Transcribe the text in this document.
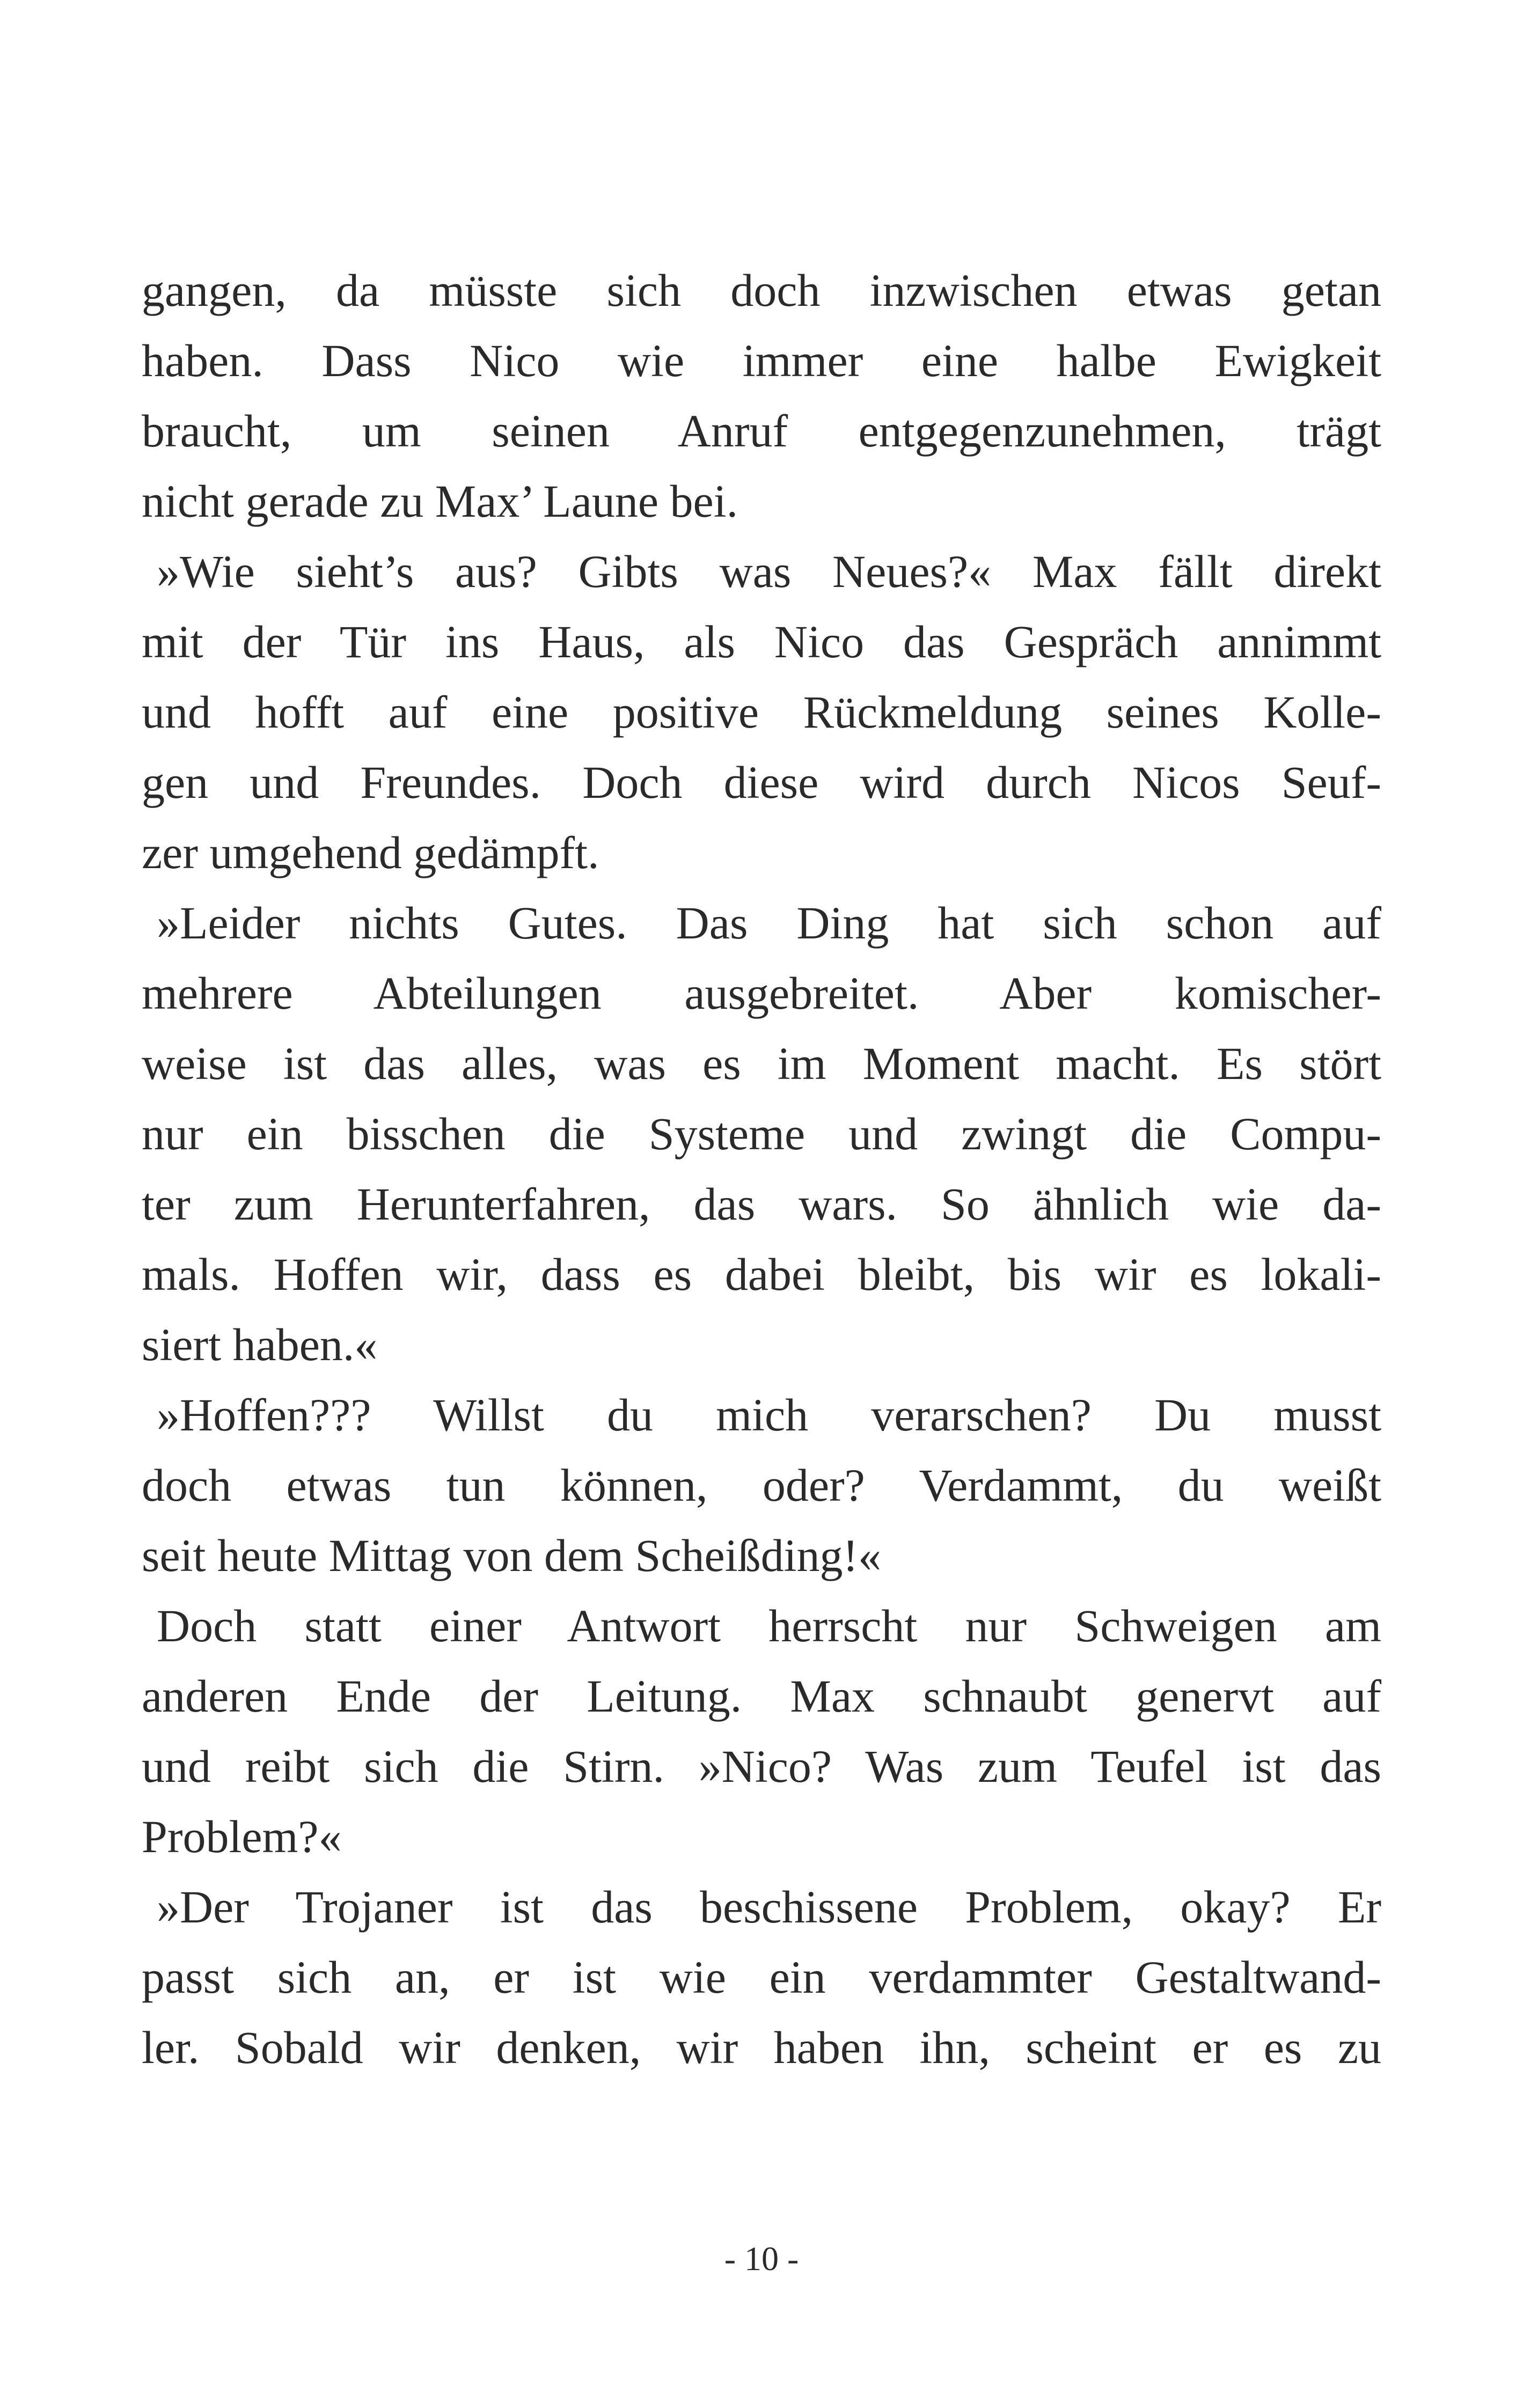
gangen, da müsste sich doch inzwischen etwas getan
haben. Dass Nico wie immer eine halbe Ewigkeit
braucht, um seinen Anruf entgegenzunehmen, trägt
nicht gerade zu Max’ Laune bei.
»Wie sieht’s aus? Gibts was Neues?« Max fällt direkt
mit der Tür ins Haus, als Nico das Gespräch annimmt
und hofft auf eine positive Rückmeldung seines Kolle-
gen und Freundes. Doch diese wird durch Nicos Seuf-
zer umgehend gedämpft.
»Leider nichts Gutes. Das Ding hat sich schon auf
mehrere Abteilungen ausgebreitet. Aber komischer-
weise ist das alles, was es im Moment macht. Es stört
nur ein bisschen die Systeme und zwingt die Compu-
ter zum Herunterfahren, das wars. So ähnlich wie da-
mals. Hoffen wir, dass es dabei bleibt, bis wir es lokali-
siert haben.«
»Hoffen??? Willst du mich verarschen? Du musst
doch etwas tun können, oder? Verdammt, du weißt
seit heute Mittag von dem Scheißding!«
Doch statt einer Antwort herrscht nur Schweigen am
anderen Ende der Leitung. Max schnaubt genervt auf
und reibt sich die Stirn. »Nico? Was zum Teufel ist das
Problem?«
»Der Trojaner ist das beschissene Problem, okay? Er
passt sich an, er ist wie ein verdammter Gestaltwand-
ler. Sobald wir denken, wir haben ihn, scheint er es zu
- 10 -
